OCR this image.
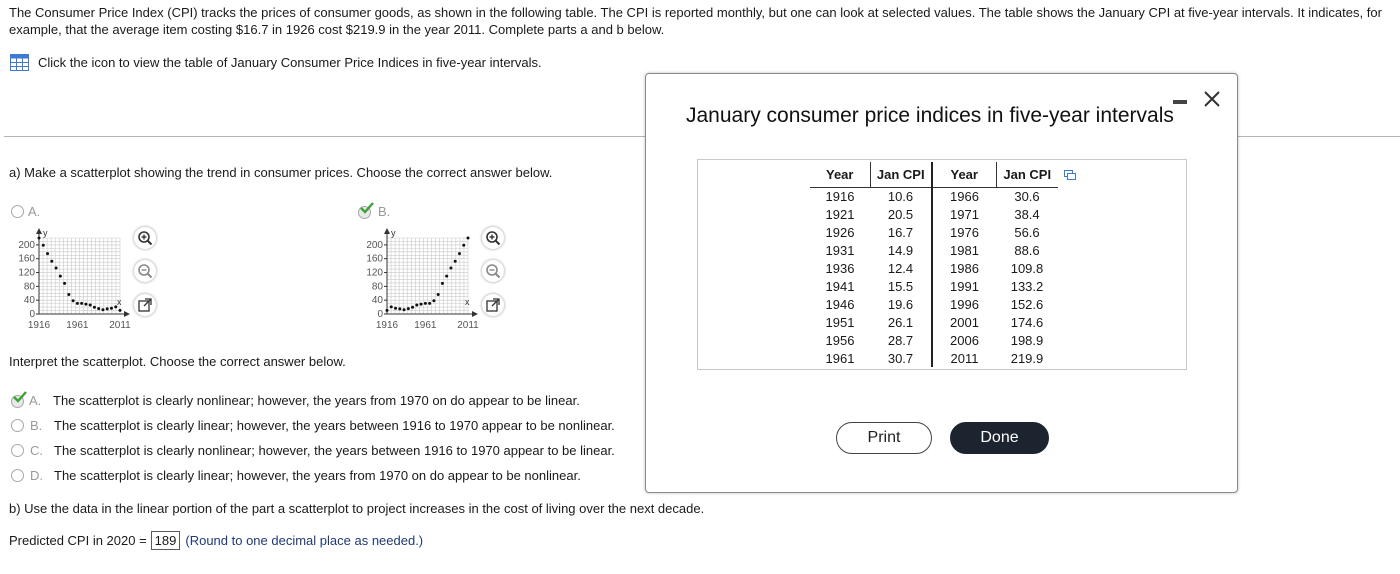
The Consumer Price Index (CPI) tracks the prices of consumer goods, as shown in the following table. The CPI is reported monthly, but one can look at selected values. The table shows the January CPI at five-year intervals. It indicates, for example, that the average item costing $16.7 in 1926 cost $219.9 in the year 2011. Complete parts a and b below.
Click the icon to view the table of January Consumer Price Indices in five-year intervals.
a) Make a scatterplot showing the trend in consumer prices. Choose the correct answer below.
A.	B.
y
x
200
160
120
80
40
0
1916 1961 2011
y
x
200
160
120
80
40
0
1916 1961 2011
Interpret the scatterplot. Choose the correct answer below.
A. The scatterplot is clearly nonlinear; however, the years from 1970 on do appear to be linear.
B. The scatterplot is clearly linear; however, the years between 1916 to 1970 appear to be nonlinear.
C. The scatterplot is clearly nonlinear; however, the years between 1916 to 1970 appear to be linear.
D. The scatterplot is clearly linear; however, the years from 1970 on do appear to be nonlinear.
b) Use the data in the linear portion of the part a scatterplot to project increases in the cost of living over the next decade.
Predicted CPI in 2020 = 189 (Round to one decimal place as needed.)
January consumer price indices in five-year intervals
Year	Jan CPI	Year	Jan CPI
1916	10.6	1966	30.6
1921	20.5	1971	38.4
1926	16.7	1976	56.6
1931	14.9	1981	88.6
1936	12.4	1986	109.8
1941	15.5	1991	133.2
1946	19.6	1996	152.6
1951	26.1	2001	174.6
1956	28.7	2006	198.9
1961	30.7	2011	219.9
Print	Done
